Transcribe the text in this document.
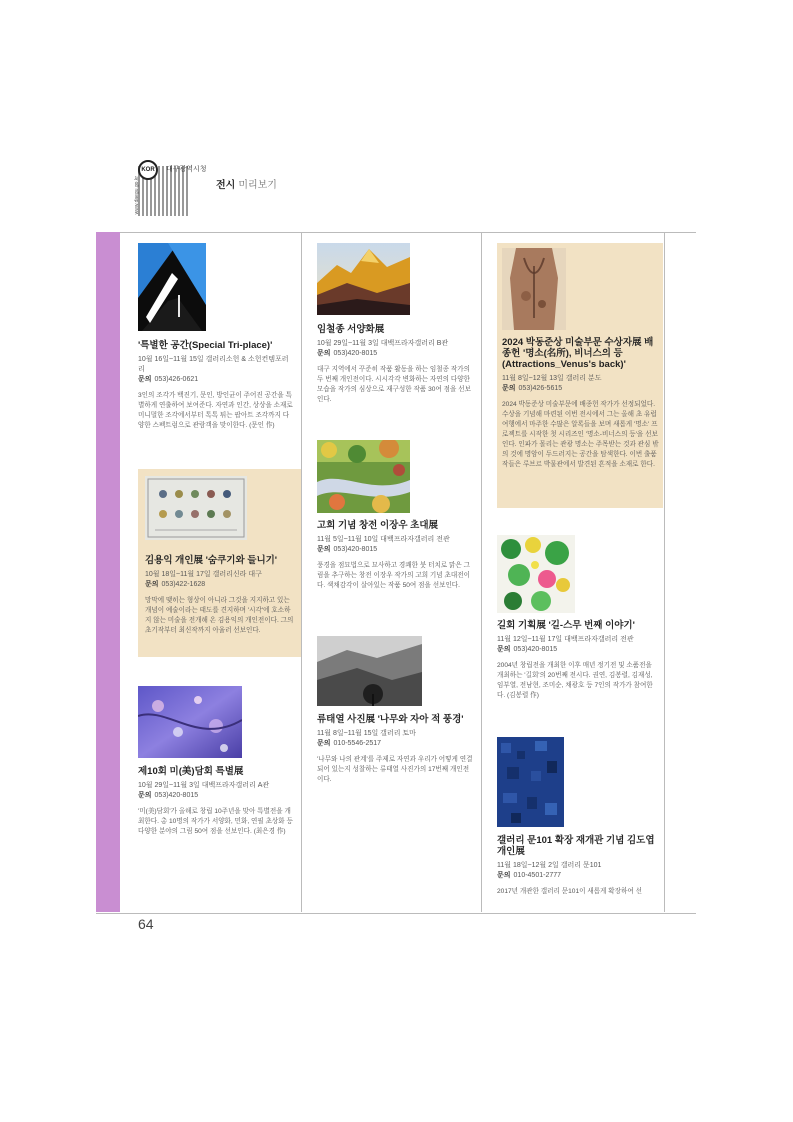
KOR
www.daegu.go.kr
대구광역시청
전시 미리보기
'특별한 공간(Special Tri-place)'
10월 16일~11월 15일 갤러리소헌 & 소헌컨템포러리
문의 053)426-0621
3인의 조각가 백진기, 문인, 방인균이 주어진 공간을 특별하게 연출하여 보여준다. 자연과 인간, 상상을 소재로 미니멀한 조각에서부터 톡톡 튀는 팝아트 조각까지 다양한 스펙트럼으로 관람객을 맞이한다. (문인 作)
김용익 개인展 '숨쿠기와 들니기'
10월 18일~11월 17일 갤러리신라 대구
문의 053)422-1628
망막에 맺히는 형상이 아니라 그것을 지지하고 있는 개념이 예술이라는 태도를 견지하며 '시각'에 호소하지 않는 미술을 전개해 온 김용익의 개인전이다. 그의 초기작부터 최신작까지 아울러 선보인다.
제10회 미(美)담회 특별展
10월 29일~11월 3일 대백프라자갤러리 A관
문의 053)420-8015
'미(美)담회'가 올해로 창립 10주년을 맞아 특별전을 개최한다. 총 10명의 작가가 서양화, 민화, 연필 초상화 등 다양한 분야의 그림 50여 점을 선보인다. (최은경 作)
임철종 서양화展
10월 29일~11월 3일 대백프라자갤러리 B관
문의 053)420-8015
대구 지역에서 꾸준히 작품 활동을 하는 임철종 작가의 두 번째 개인전이다. 시시각각 변화하는 자연의 다양한 모습을 작가의 심상으로 재구성한 작품 30여 점을 선보인다.
고희 기념 창전 이장우 초대展
11월 5일~11월 10일 대백프라자갤러리 전관
문의 053)420-8015
풍경을 점묘법으로 묘사하고 경쾌한 붓 터치로 맑은 그림을 추구하는 창전 이장우 작가의 고희 기념 초대전이다. 색채감각이 살아있는 작품 50여 점을 선보인다.
류태열 사진展 '나무와 자아 적 풍경'
11월 8일~11월 15일 갤러리 토마
문의 010-5546-2517
'나무와 나의 관계'를 주제로 자연과 우리가 어떻게 연결되어 있는지 성찰하는 류태열 사진가의 17번째 개인전이다.
2024 박동준상 미술부문 수상자展 배종헌 '명소(名所), 비너스의 등 (Attractions_Venus's back)'
11월 8일~12월 13일 갤러리 분도
문의 053)426-5615
2024 박동준상 미술부문에 배종헌 작가가 선정되었다. 수상을 기념해 마련된 이번 전시에서 그는 올해 초 유럽 여행에서 마주한 수많은 알록들을 보며 새롭게 '명소' 프로젝트를 시작한 첫 시리즈인 '명소-비너스의 등'을 선보인다. 인파가 몰리는 관광 명소는 주목받는 것과 관심 밖의 것에 명암이 두드러지는 공간을 탐색한다. 이번 출품작들은 루브르 박물관에서 발견된 흔적을 소재로 한다.
길회 기획展 '길-스무 번째 이야기'
11월 12일~11월 17일 대백프라자갤러리 전관
문의 053)420-8015
2004년 창립전을 개최한 이후 매년 정기전 및 소품전을 개최하는 '길회'의 20번째 전시다. 권연, 김봉렬, 김재성, 임부열, 전남현, 조미순, 채광호 등 7인의 작가가 참여한다. (김봉렬 作)
갤러리 문101 확장 재개관 기념 김도엽 개인展
11월 18일~12월 2일 갤러리 문101
문의 010-4501-2777
2017년 개관한 갤러리 문101이 새롭게 확장하여 선
64
